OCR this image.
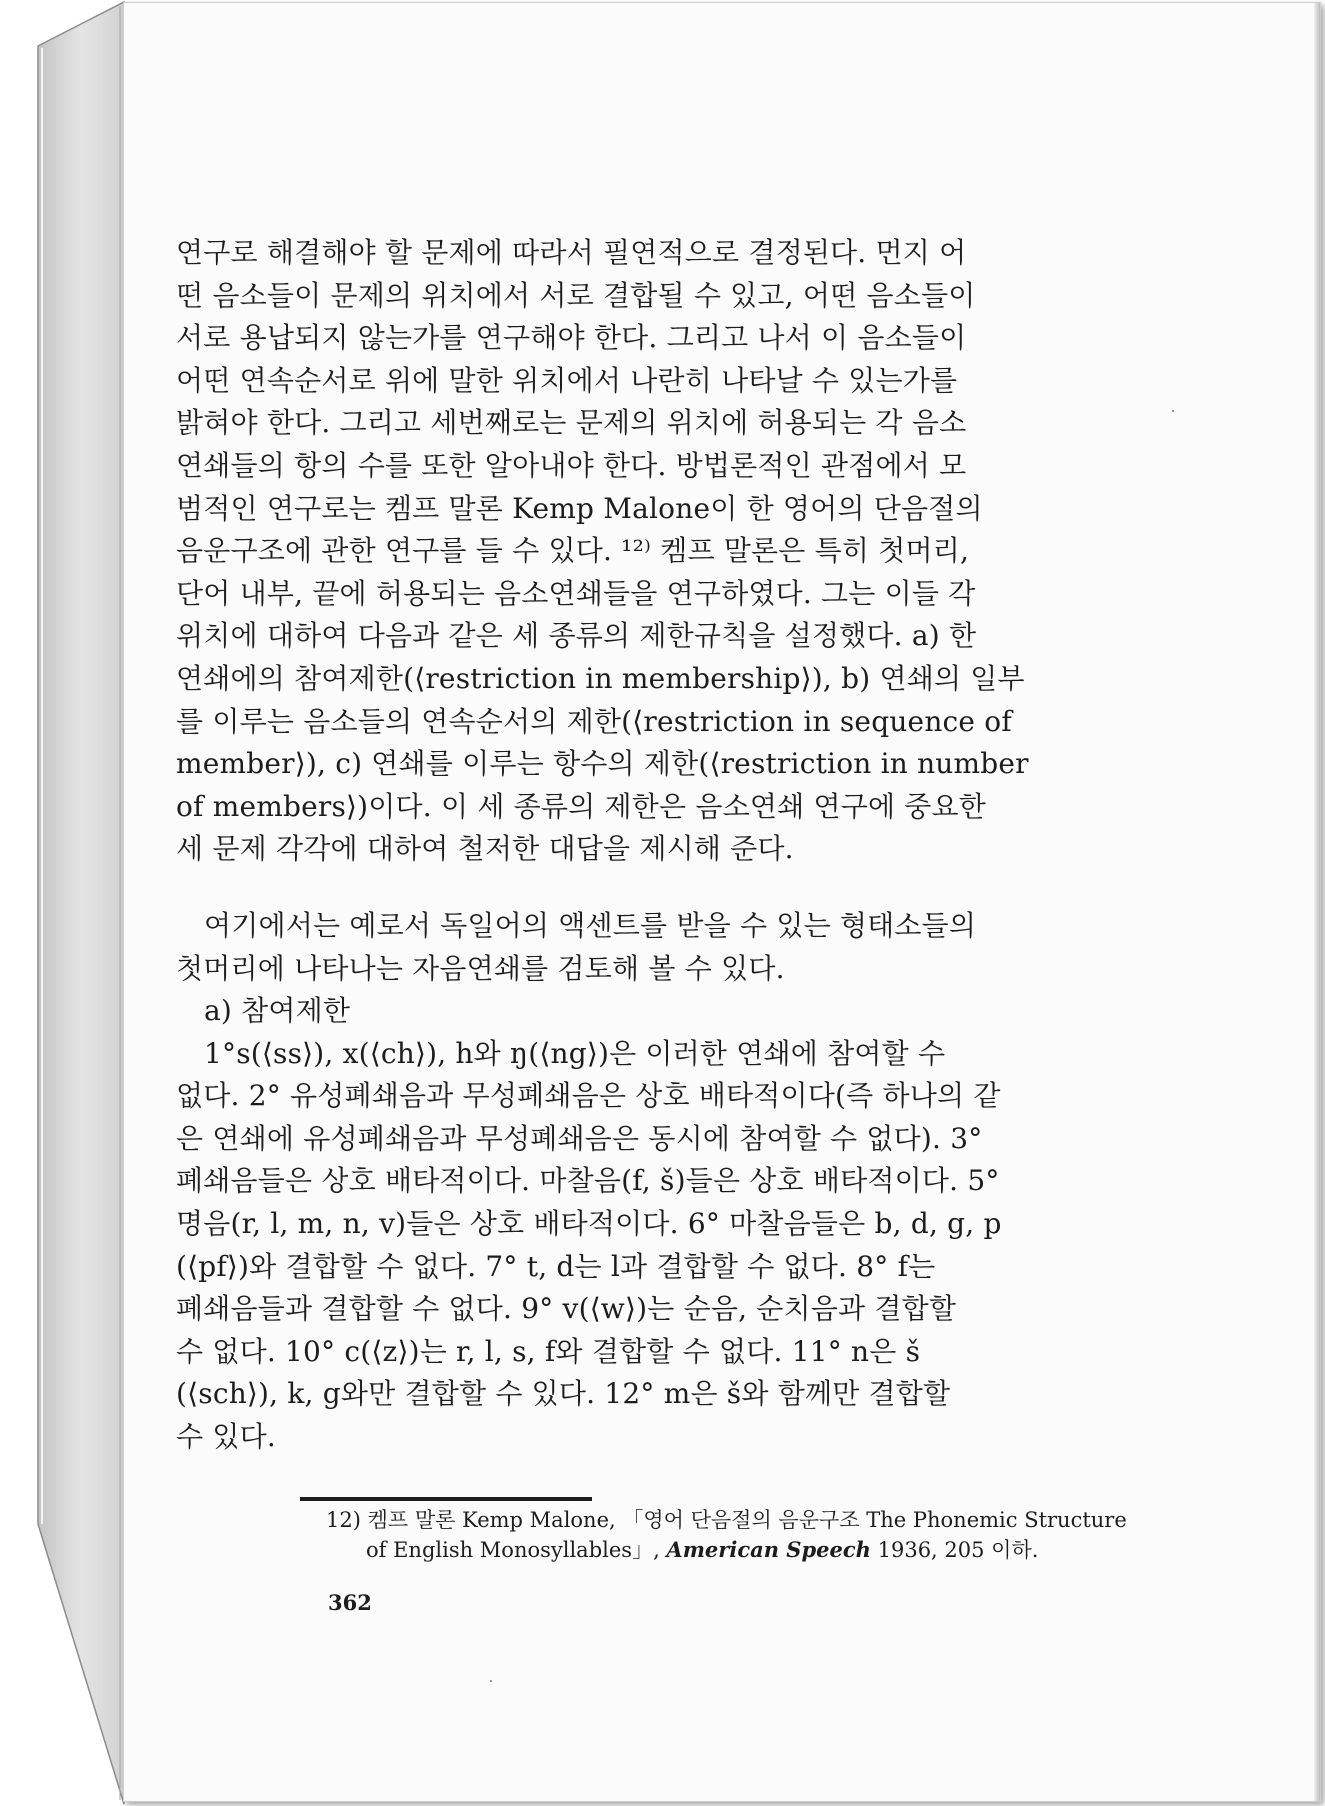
연구로 해결해야 할 문제에 따라서 필연적으로 결정된다. 먼지 어
떤 음소들이 문제의 위치에서 서로 결합될 수 있고, 어떤 음소들이
서로 용납되지 않는가를 연구해야 한다. 그리고 나서 이 음소들이
어떤 연속순서로 위에 말한 위치에서 나란히 나타날 수 있는가를
밝혀야 한다. 그리고 세번째로는 문제의 위치에 허용되는 각 음소
연쇄들의 항의 수를 또한 알아내야 한다. 방법론적인 관점에서 모
범적인 연구로는 켐프 말론 Kemp Malone이 한 영어의 단음절의
음운구조에 관한 연구를 들 수 있다. ¹²⁾ 켐프 말론은 특히 첫머리,
단어 내부, 끝에 허용되는 음소연쇄들을 연구하였다. 그는 이들 각
위치에 대하여 다음과 같은 세 종류의 제한규칙을 설정했다. a) 한
연쇄에의 참여제한(⟨restriction in membership⟩), b) 연쇄의 일부
를 이루는 음소들의 연속순서의 제한(⟨restriction in sequence of
member⟩), c) 연쇄를 이루는 항수의 제한(⟨restriction in number
of members⟩)이다. 이 세 종류의 제한은 음소연쇄 연구에 중요한
세 문제 각각에 대하여 철저한 대답을 제시해 준다.
여기에서는 예로서 독일어의 액센트를 받을 수 있는 형태소들의
첫머리에 나타나는 자음연쇄를 검토해 볼 수 있다.
a) 참여제한
1°s(⟨ss⟩), x(⟨ch⟩), h와 ŋ(⟨ng⟩)은 이러한 연쇄에 참여할 수
없다. 2° 유성폐쇄음과 무성폐쇄음은 상호 배타적이다(즉 하나의 같
은 연쇄에 유성폐쇄음과 무성폐쇄음은 동시에 참여할 수 없다). 3°
폐쇄음들은 상호 배타적이다. 마찰음(f, š)들은 상호 배타적이다. 5°
명음(r, l, m, n, v)들은 상호 배타적이다. 6° 마찰음들은 b, d, g, p
(⟨pf⟩)와 결합할 수 없다. 7° t, d는 l과 결합할 수 없다. 8° f는
폐쇄음들과 결합할 수 없다. 9° v(⟨w⟩)는 순음, 순치음과 결합할
수 없다. 10° c(⟨z⟩)는 r, l, s, f와 결합할 수 없다. 11° n은 š
(⟨sch⟩), k, g와만 결합할 수 있다. 12° m은 š와 함께만 결합할
수 있다.
12) 켐프 말론 Kemp Malone, 「영어 단음절의 음운구조 The Phonemic Structure
of English Monosyllables」, American Speech 1936, 205 이하.
362
